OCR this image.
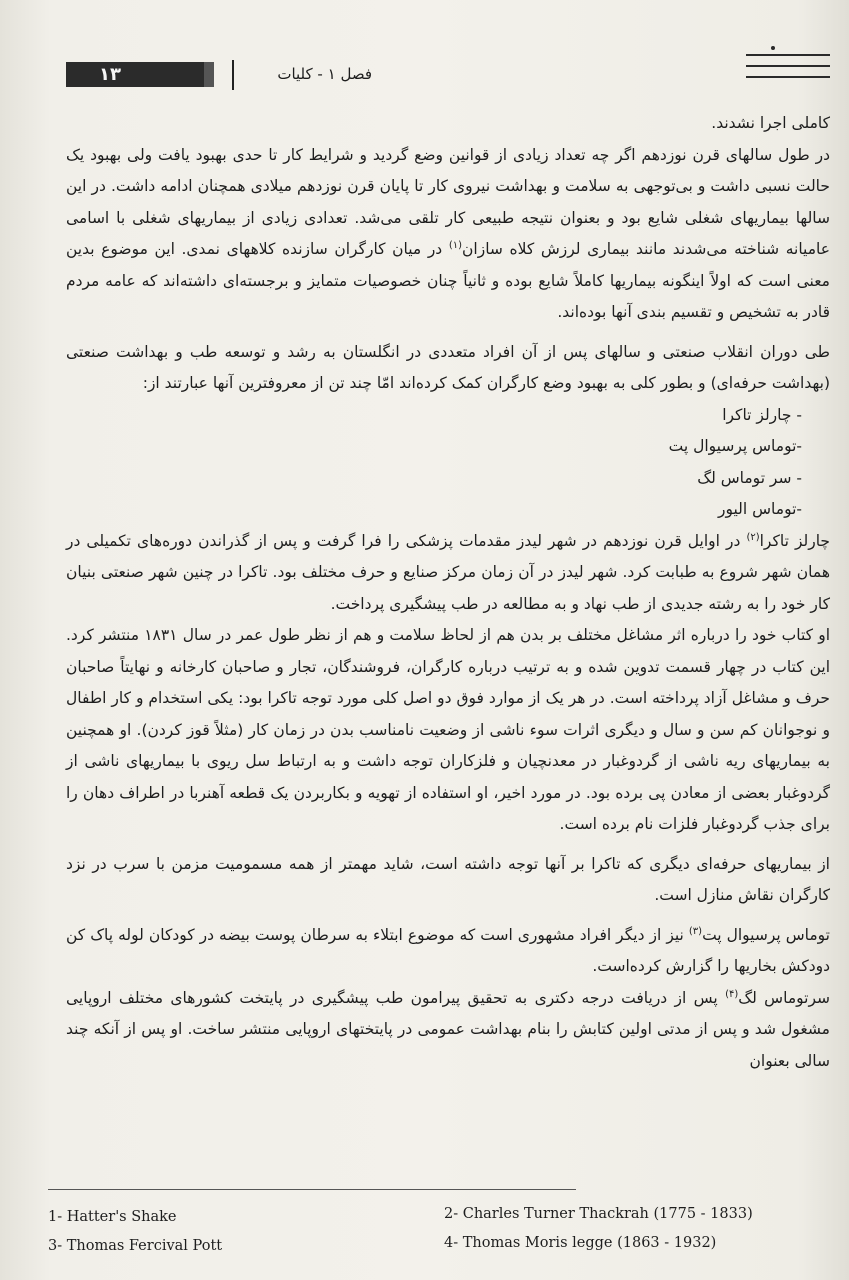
فصل ۱ - کلیات
۱۳

کاملی اجرا نشدند.

در طول سالهای قرن نوزدهم اگر چه تعداد زیادی از قوانین وضع گردید و شرایط کار تا حدی بهبود یافت ولی بهبود یک حالت نسبی داشت و بی‌توجهی به سلامت و بهداشت نیروی کار تا پایان قرن نوزدهم میلادی همچنان ادامه داشت. در این سالها بیماریهای شغلی شایع بود و بعنوان نتیجه طبیعی کار تلقی می‌شد. تعدادی زیادی از بیماریهای شغلی با اسامی عامیانه شناخته می‌شدند مانند بیماری لرزش کلاه سازان$^{(۱)}$ در میان کارگران سازنده کلاههای نمدی. این موضوع بدین معنی است که اولاً اینگونه بیماریها کاملاً شایع بوده و ثانیاً چنان خصوصیات متمایز و برجسته‌ای داشته‌اند که عامه مردم قادر به تشخیص و تقسیم بندی آنها بوده‌اند.

طی دوران انقلاب صنعتی و سالهای پس از آن افراد متعددی در انگلستان به رشد و توسعه طب و بهداشت صنعتی (بهداشت حرفه‌ای) و بطور کلی به بهبود وضع کارگران کمک کرده‌اند امّا چند تن از معروفترین آنها عبارتند از:

- چارلز تاکرا

-توماس پرسیوال پت

- سر توماس لگ

-توماس الیور

چارلز تاکرا$^{(۲)}$ در اوایل قرن نوزدهم در شهر لیدز مقدمات پزشکی را فرا گرفت و پس از گذراندن دوره‌های تکمیلی در همان شهر شروع به طبابت کرد. شهر لیدز در آن زمان مرکز صنایع و حرف مختلف بود. تاکرا در چنین شهر صنعتی بنیان کار خود را به رشته جدیدی از طب نهاد و به مطالعه در طب پیشگیری پرداخت.

او کتاب خود را درباره اثر مشاغل مختلف بر بدن هم از لحاظ سلامت و هم از نظر طول عمر در سال ۱۸۳۱ منتشر کرد. این کتاب در چهار قسمت تدوین شده و به ترتیب درباره کارگران، فروشندگان، تجار و صاحبان کارخانه و نهایتاً صاحبان حرف و مشاغل آزاد پرداخته است. در هر یک از موارد فوق دو اصل کلی مورد توجه تاکرا بود: یکی استخدام و کار اطفال و نوجوانان کم سن و سال و دیگری اثرات سوء ناشی از وضعیت نامناسب بدن در زمان کار (مثلاً قوز کردن). او همچنین به بیماریهای ریه ناشی از گردوغبار در معدنچیان و فلزکاران توجه داشت و به ارتباط سل ریوی با بیماریهای ناشی از گردوغبار بعضی از معادن پی برده بود. در مورد اخیر، او استفاده از تهویه و بکاربردن یک قطعه آهنربا در اطراف دهان را برای جذب گردوغبار فلزات نام برده است.

از بیماریهای حرفه‌ای دیگری که تاکرا بر آنها توجه داشته است، شاید مهمتر از همه مسمومیت مزمن با سرب در نزد کارگران نقاش منازل است.

توماس پرسیوال پت$^{(۳)}$ نیز از دیگر افراد مشهوری است که موضوع ابتلاء به سرطان پوست بیضه در کودکان لوله پاک کن دودکش بخاریها را گزارش کرده‌است.

سرتوماس لگ$^{(۴)}$ پس از دریافت درجه دکتری به تحقیق پیرامون طب پیشگیری در پایتخت کشورهای مختلف اروپایی مشغول شد و پس از مدتی اولین کتابش را بنام بهداشت عمومی در پایتختهای اروپایی منتشر ساخت. او پس از آنکه چند سالی بعنوان

1- Hatter's Shake	2- Charles Turner Thackrah (1775 - 1833)
3- Thomas Fercival Pott	4- Thomas Moris legge (1863 - 1932)
